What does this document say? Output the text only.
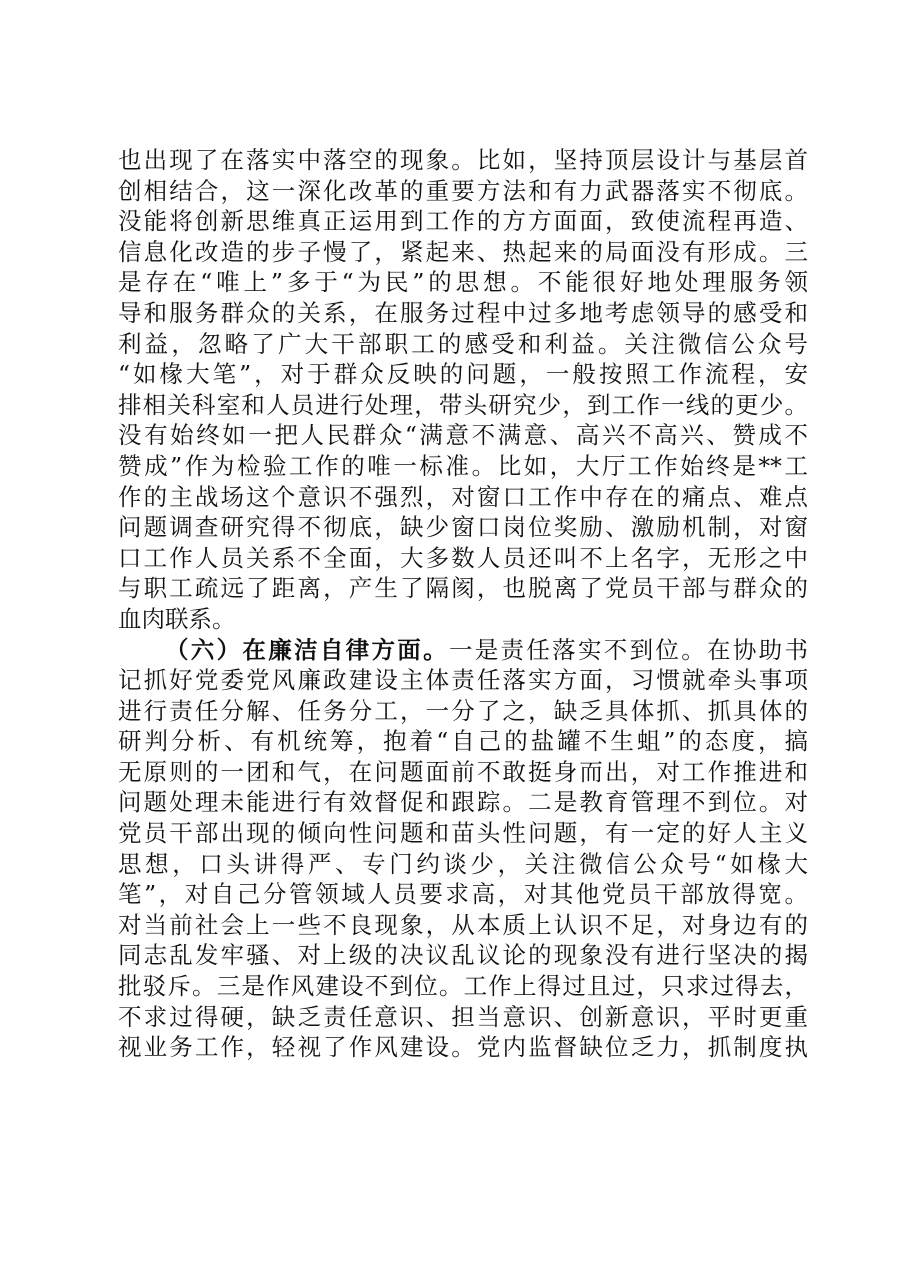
也出现了在落实中落空的现象。比如，坚持顶层设计与基层首
创相结合，这一深化改革的重要方法和有力武器落实不彻底。
没能将创新思维真正运用到工作的方方面面，致使流程再造、
信息化改造的步子慢了，紧起来、热起来的局面没有形成。三
是存在“唯上”多于“为民”的思想。不能很好地处理服务领
导和服务群众的关系，在服务过程中过多地考虑领导的感受和
利益，忽略了广大干部职工的感受和利益。关注微信公众号
“如椽大笔”，对于群众反映的问题，一般按照工作流程，安
排相关科室和人员进行处理，带头研究少，到工作一线的更少。
没有始终如一把人民群众“满意不满意、高兴不高兴、赞成不
赞成”作为检验工作的唯一标准。比如，大厅工作始终是**工
作的主战场这个意识不强烈，对窗口工作中存在的痛点、难点
问题调查研究得不彻底，缺少窗口岗位奖励、激励机制，对窗
口工作人员关系不全面，大多数人员还叫不上名字，无形之中
与职工疏远了距离，产生了隔阂，也脱离了党员干部与群众的
血肉联系。
（六）在廉洁自律方面。一是责任落实不到位。在协助书
记抓好党委党风廉政建设主体责任落实方面，习惯就牵头事项
进行责任分解、任务分工，一分了之，缺乏具体抓、抓具体的
研判分析、有机统筹，抱着“自己的盐罐不生蛆”的态度，搞
无原则的一团和气，在问题面前不敢挺身而出，对工作推进和
问题处理未能进行有效督促和跟踪。二是教育管理不到位。对
党员干部出现的倾向性问题和苗头性问题，有一定的好人主义
思想，口头讲得严、专门约谈少，关注微信公众号“如椽大
笔”，对自己分管领域人员要求高，对其他党员干部放得宽。
对当前社会上一些不良现象，从本质上认识不足，对身边有的
同志乱发牢骚、对上级的决议乱议论的现象没有进行坚决的揭
批驳斥。三是作风建设不到位。工作上得过且过，只求过得去，
不求过得硬，缺乏责任意识、担当意识、创新意识，平时更重
视业务工作，轻视了作风建设。党内监督缺位乏力，抓制度执
